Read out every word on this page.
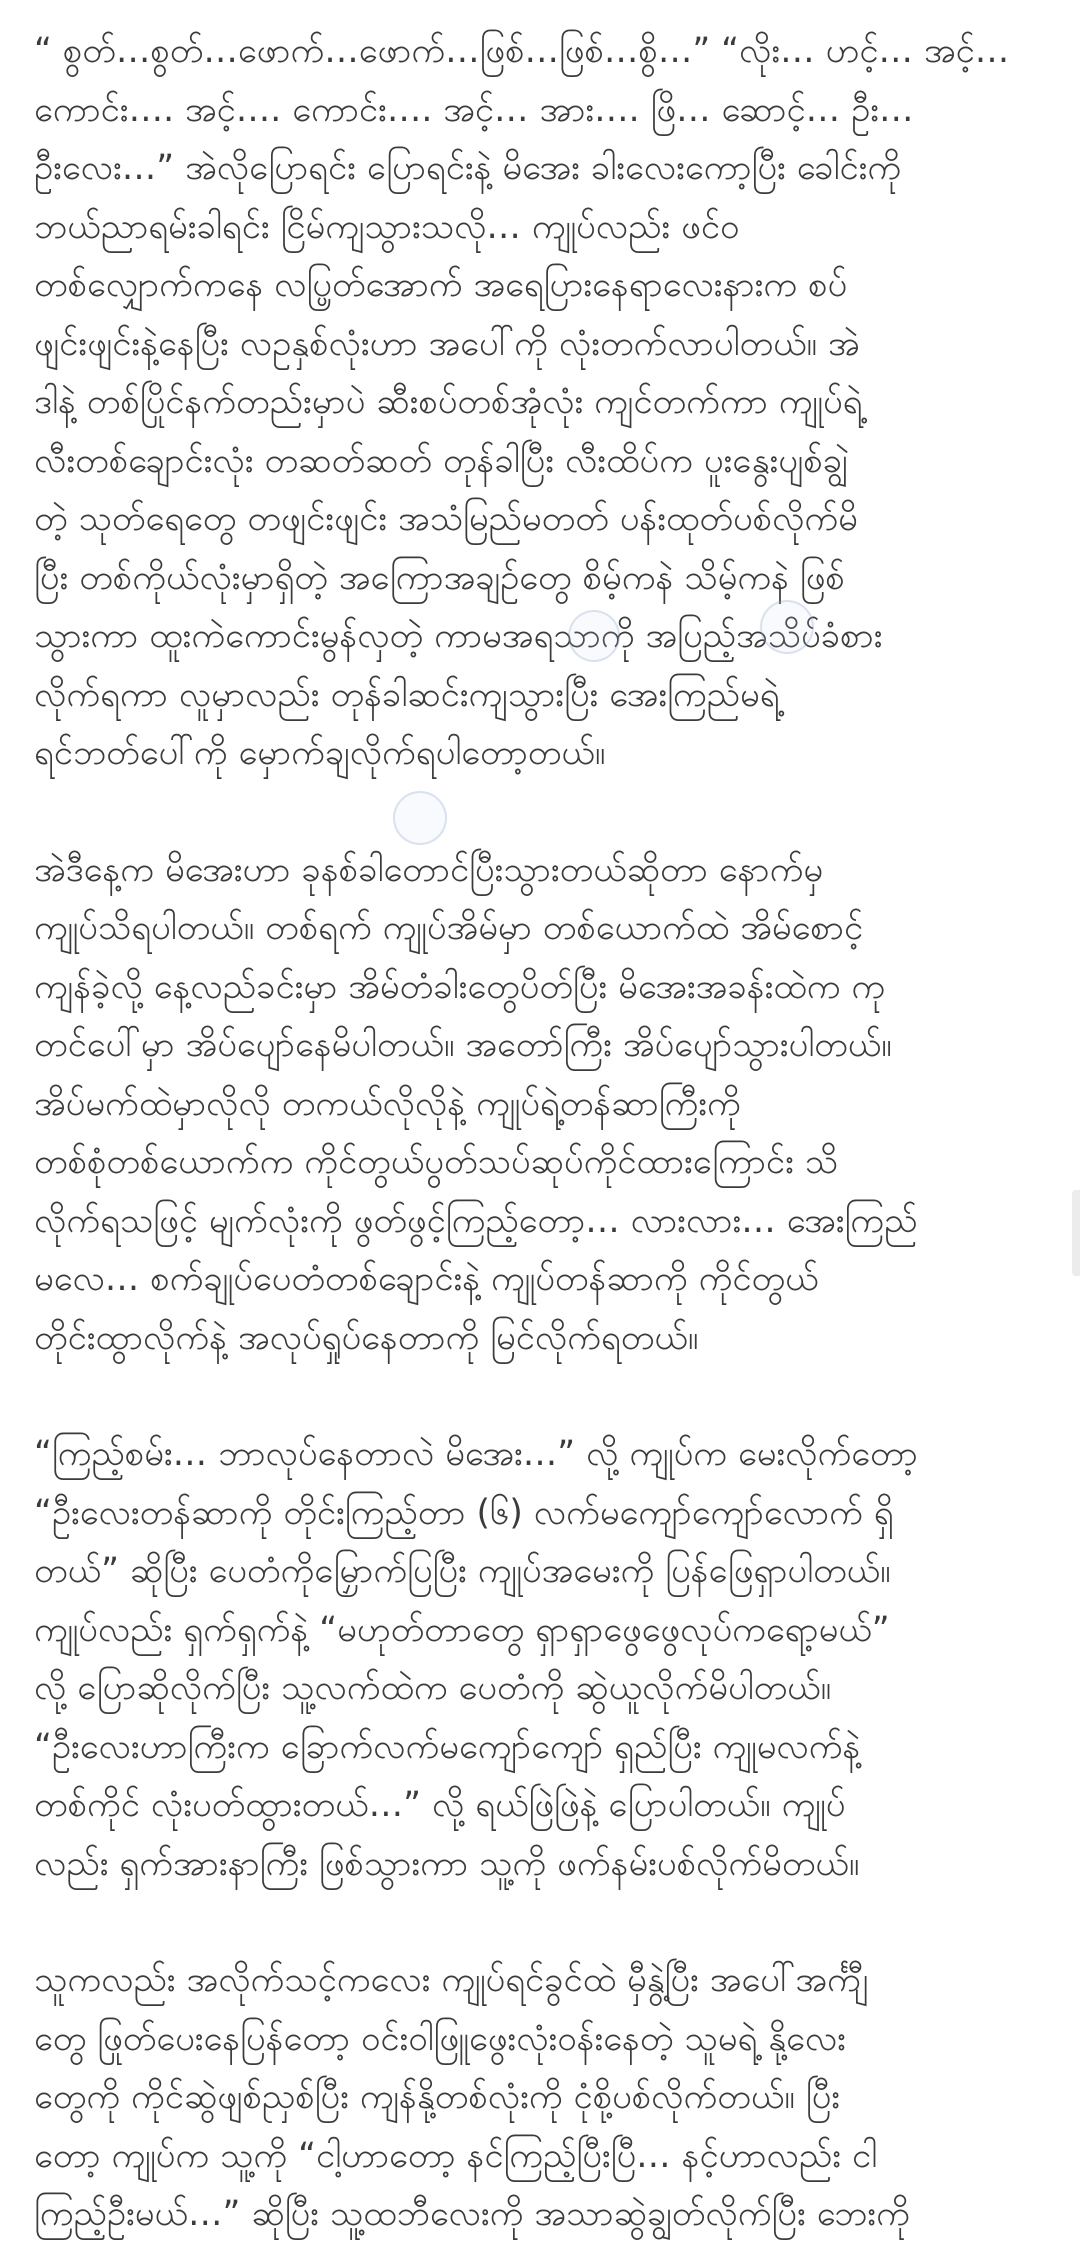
“ စွတ်…စွတ်…ဖောက်…ဖောက်…ဖြစ်…ဖြစ်…စွိ…” “လိုး… ဟင့်… အင့်…
ကောင်း…. အင့်…. ကောင်း…. အင့်… အား…. ဖြိ… ဆောင့်… ဦး…
ဦးလေး…” အဲလိုပြောရင်း ပြောရင်းနဲ့ မိအေး ခါးလေးကော့ပြီး ခေါင်းကို
ဘယ်ညာရမ်းခါရင်း ငြိမ်ကျသွားသလို… ကျုပ်လည်း ဖင်ဝ
တစ်လျှောက်ကနေ လပ္ပြတ်အောက် အရေပြားနေရာလေးနားက စပ်
ဖျင်းဖျင်းနဲ့နေပြီး လဥနှစ်လုံးဟာ အပေါ်ကို လုံးတက်လာပါတယ်။ အဲ
ဒါနဲ့ တစ်ပြိုင်နက်တည်းမှာပဲ ဆီးစပ်တစ်အုံလုံး ကျင်တက်ကာ ကျုပ်ရဲ့
လီးတစ်ချောင်းလုံး တဆတ်ဆတ် တုန်ခါပြီး လီးထိပ်က ပူးနွေးပျစ်ချွဲ
တဲ့ သုတ်ရေတွေ တဖျင်းဖျင်း အသံမြည်မတတ် ပန်းထုတ်ပစ်လိုက်မိ
ပြီး တစ်ကိုယ်လုံးမှာရှိတဲ့ အကြောအချဉ်တွေ စိမ့်ကနဲ သိမ့်ကနဲ ဖြစ်
သွားကာ ထူးကဲကောင်းမွန်လှတဲ့ ကာမအရသာကို အပြည့်အသိပ်ခံစား
လိုက်ရကာ လူမှာလည်း တုန်ခါဆင်းကျသွားပြီး အေးကြည်မရဲ့
ရင်ဘတ်ပေါ်ကို မှောက်ချလိုက်ရပါတော့တယ်။

အဲဒီနေ့က မိအေးဟာ ခုနစ်ခါတောင်ပြီးသွားတယ်ဆိုတာ နောက်မှ
ကျုပ်သိရပါတယ်။ တစ်ရက် ကျုပ်အိမ်မှာ တစ်ယောက်ထဲ အိမ်စောင့်
ကျန်ခဲ့လို့ နေ့လည်ခင်းမှာ အိမ်တံခါးတွေပိတ်ပြီး မိအေးအခန်းထဲက ကု
တင်ပေါ်မှာ အိပ်ပျော်နေမိပါတယ်။ အတော်ကြီး အိပ်ပျော်သွားပါတယ်။
အိပ်မက်ထဲမှာလိုလို တကယ်လိုလိုနဲ့ ကျုပ်ရဲ့တန်ဆာကြီးကို
တစ်စုံတစ်ယောက်က ကိုင်တွယ်ပွတ်သပ်ဆုပ်ကိုင်ထားကြောင်း သိ
လိုက်ရသဖြင့် မျက်လုံးကို ဖွတ်ဖွင့်ကြည့်တော့… လားလား… အေးကြည်
မလေ… စက်ချုပ်ပေတံတစ်ချောင်းနဲ့ ကျုပ်တန်ဆာကို ကိုင်တွယ်
တိုင်းထွာလိုက်နဲ့ အလုပ်ရှုပ်နေတာကို မြင်လိုက်ရတယ်။

“ကြည့်စမ်း… ဘာလုပ်နေတာလဲ မိအေး…” လို့ ကျုပ်က မေးလိုက်တော့
“ဦးလေးတန်ဆာကို တိုင်းကြည့်တာ (၆) လက်မကျော်ကျော်လောက် ရှိ
တယ်” ဆိုပြီး ပေတံကိုမြှောက်ပြပြီး ကျုပ်အမေးကို ပြန်ဖြေရှာပါတယ်။
ကျုပ်လည်း ရှက်ရှက်နဲ့ “မဟုတ်တာတွေ ရှာရှာဖွေဖွေလုပ်ကရော့မယ်”
လို့ ပြောဆိုလိုက်ပြီး သူ့လက်ထဲက ပေတံကို ဆွဲယူလိုက်မိပါတယ်။
“ဦးလေးဟာကြီးက ခြောက်လက်မကျော်ကျော် ရှည်ပြီး ကျုမလက်နဲ့
တစ်ကိုင် လုံးပတ်ထွားတယ်…” လို့ ရယ်ဖြဲဖြဲနဲ့ ပြောပါတယ်။ ကျုပ်
လည်း ရှက်အားနာကြီး ဖြစ်သွားကာ သူ့ကို ဖက်နမ်းပစ်လိုက်မိတယ်။

သူကလည်း အလိုက်သင့်ကလေး ကျုပ်ရင်ခွင်ထဲ မှီနွဲ့ပြီး အပေါ်အင်္ကျီ
တွေ ဖြုတ်ပေးနေပြန်တော့ ဝင်းဝါဖြူဖွေးလုံးဝန်းနေတဲ့ သူမရဲ့ နို့လေး
တွေကို ကိုင်ဆွဲဖျစ်ညှစ်ပြီး ကျန်နို့တစ်လုံးကို ငုံစို့ပစ်လိုက်တယ်။ ပြီး
တော့ ကျုပ်က သူ့ကို “ငါ့ဟာတော့ နင်ကြည့်ပြီးပြီ… နင့်ဟာလည်း ငါ
ကြည့်ဦးမယ်…” ဆိုပြီး သူ့ထဘီလေးကို အသာဆွဲချွတ်လိုက်ပြီး ဘေးကို
